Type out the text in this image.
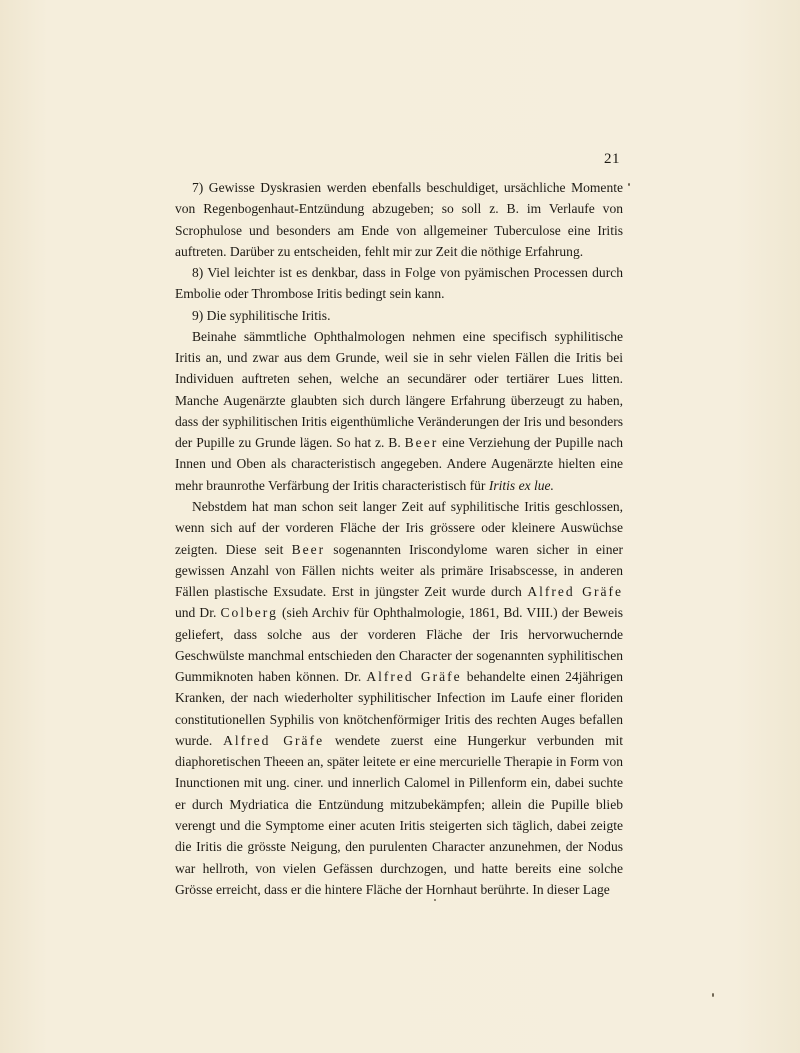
21

7) Gewisse Dyskrasien werden ebenfalls beschuldiget, ursächliche Momente von Regenbogenhaut-Entzündung abzugeben; so soll z. B. im Verlaufe von Scrophulose und besonders am Ende von allgemeiner Tuberculose eine Iritis auftreten. Darüber zu entscheiden, fehlt mir zur Zeit die nöthige Erfahrung.

8) Viel leichter ist es denkbar, dass in Folge von pyämischen Processen durch Embolie oder Thrombose Iritis bedingt sein kann.

9) Die syphilitische Iritis.

Beinahe sämmtliche Ophthalmologen nehmen eine specifisch syphilitische Iritis an, und zwar aus dem Grunde, weil sie in sehr vielen Fällen die Iritis bei Individuen auftreten sehen, welche an secundärer oder tertiärer Lues litten. Manche Augenärzte glaubten sich durch längere Erfahrung überzeugt zu haben, dass der syphilitischen Iritis eigenthümliche Veränderungen der Iris und besonders der Pupille zu Grunde lägen. So hat z. B. Beer eine Verziehung der Pupille nach Innen und Oben als characteristisch angegeben. Andere Augenärzte hielten eine mehr braunrothe Verfärbung der Iritis characteristisch für Iritis ex lue.

Nebstdem hat man schon seit langer Zeit auf syphilitische Iritis geschlossen, wenn sich auf der vorderen Fläche der Iris grössere oder kleinere Auswüchse zeigten. Diese seit Beer sogenannten Iriscondylome waren sicher in einer gewissen Anzahl von Fällen nichts weiter als primäre Irisabscesse, in anderen Fällen plastische Exsudate. Erst in jüngster Zeit wurde durch Alfred Gräfe und Dr. Colberg (sieh Archiv für Ophthalmologie, 1861, Bd. VIII.) der Beweis geliefert, dass solche aus der vorderen Fläche der Iris hervorwuchernde Geschwülste manchmal entschieden den Character der sogenannten syphilitischen Gummiknoten haben können. Dr. Alfred Gräfe behandelte einen 24jährigen Kranken, der nach wiederholter syphilitischer Infection im Laufe einer floriden constitutionellen Syphilis von knötchenförmiger Iritis des rechten Auges befallen wurde. Alfred Gräfe wendete zuerst eine Hungerkur verbunden mit diaphoretischen Theeen an, später leitete er eine mercurielle Therapie in Form von Inunctionen mit ung. ciner. und innerlich Calomel in Pillenform ein, dabei suchte er durch Mydriatica die Entzündung mitzubekämpfen; allein die Pupille blieb verengt und die Symptome einer acuten Iritis steigerten sich täglich, dabei zeigte die Iritis die grösste Neigung, den purulenten Character anzunehmen, der Nodus war hellroth, von vielen Gefässen durchzogen, und hatte bereits eine solche Grösse erreicht, dass er die hintere Fläche der Hornhaut berührte. In dieser Lage
